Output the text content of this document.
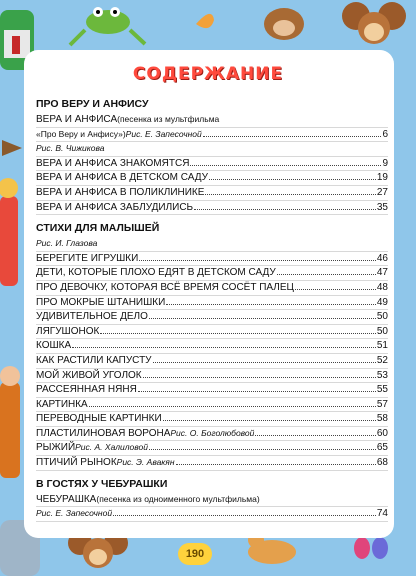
СОДЕРЖАНИЕ
ПРО ВЕРУ И АНФИСУ
ВЕРА И АНФИСА (песенка из мультфильма
«Про Веру и Анфису») Рис. Е. Запесочной	6
Рис. В. Чижикова
ВЕРА И АНФИСА ЗНАКОМЯТСЯ	9
ВЕРА И АНФИСА В ДЕТСКОМ САДУ	19
ВЕРА И АНФИСА В ПОЛИКЛИНИКЕ	27
ВЕРА И АНФИСА ЗАБЛУДИЛИСЬ	35
СТИХИ ДЛЯ МАЛЫШЕЙ
Рис. И. Глазова
БЕРЕГИТЕ ИГРУШКИ	46
ДЕТИ, КОТОРЫЕ ПЛОХО ЕДЯТ В ДЕТСКОМ САДУ	47
ПРО ДЕВОЧКУ, КОТОРАЯ ВСЁ ВРЕМЯ СОСЁТ ПАЛЕЦ	48
ПРО МОКРЫЕ ШТАНИШКИ	49
УДИВИТЕЛЬНОЕ ДЕЛО	50
ЛЯГУШОНОК	50
КОШКА	51
КАК РАСТИЛИ КАПУСТУ	52
МОЙ ЖИВОЙ УГОЛОК	53
РАССЕЯННАЯ НЯНЯ	55
КАРТИНКА	57
ПЕРЕВОДНЫЕ КАРТИНКИ	58
ПЛАСТИЛИНОВАЯ ВОРОНА Рис. О. Боголюбовой	60
РЫЖИЙ Рис. А. Халиловой	65
ПТИЧИЙ РЫНОК Рис. Э. Авакян	68
В ГОСТЯХ У ЧЕБУРАШКИ
ЧЕБУРАШКА (песенка из одноименного мультфильма)
Рис. Е. Запесочной	74
190
